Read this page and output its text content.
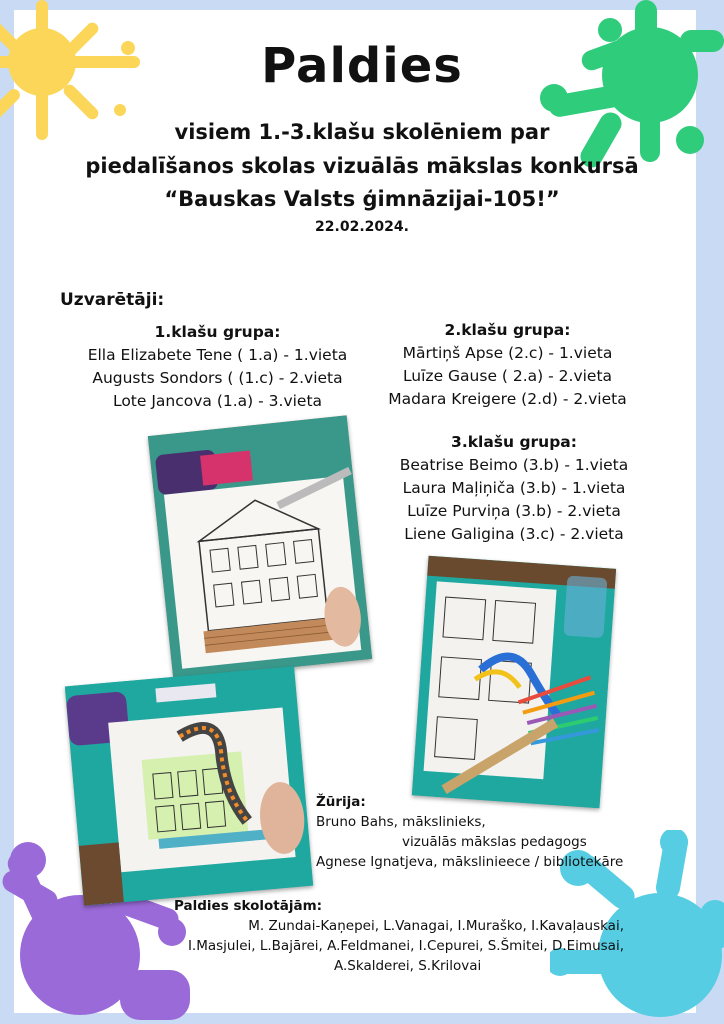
Paldies
visiem 1.-3.klašu skolēniem par
piedalīšanos skolas vizuālās mākslas konkursā
“Bauskas Valsts ģimnāzijai-105!”
22.02.2024.
Uzvarētāji:
1.klašu grupa:
Ella Elizabete Tene ( 1.a) - 1.vieta
Augusts Sondors ( (1.c) - 2.vieta
Lote Jancova (1.a) - 3.vieta
2.klašu grupa:
Mārtiņš Apse (2.c) - 1.vieta
Luīze Gause ( 2.a) - 2.vieta
Madara Kreigere (2.d) - 2.vieta
3.klašu grupa:
Beatrise Beimo (3.b) - 1.vieta
Laura Maļiņiča (3.b) - 1.vieta
Luīze Purviņa (3.b) - 2.vieta
Liene Galigina (3.c) - 2.vieta
Žūrija:
Bruno Bahs, mākslinieks,
vizuālās mākslas pedagogs
Agnese Ignatjeva, mākslinieece / bibliotekāre
Paldies skolotājām:
M. Zundai-Kaņepei, L.Vanagai, I.Muraško, I.Kavaļauskai,
I.Masjulei, L.Bajārei, A.Feldmanei, I.Cepurei, S.Šmitei, D.Eimusai,
A.Skalderei, S.Krilovai
